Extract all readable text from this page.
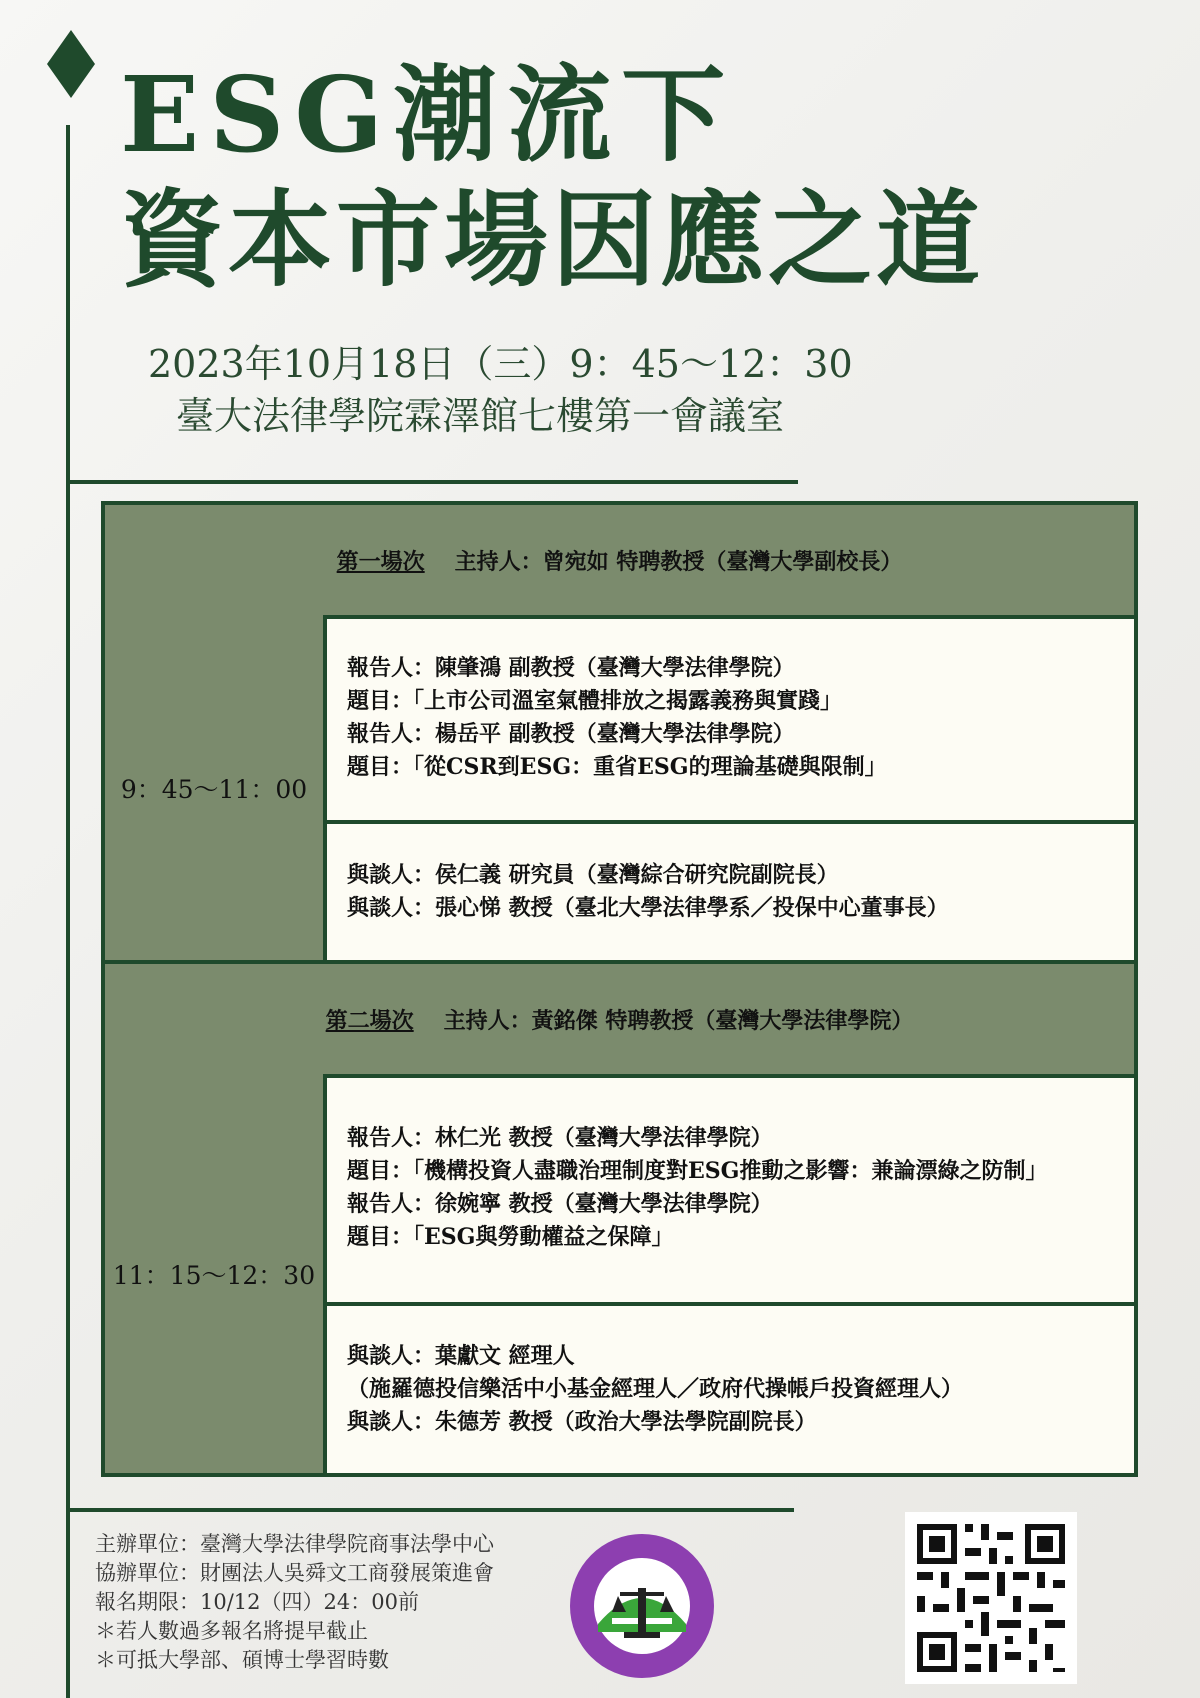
ESG潮流下
資本市場因應之道
2023年10月18日（三）9：45～12：30
臺大法律學院霖澤館七樓第一會議室
第一場次 主持人：曾宛如 特聘教授（臺灣大學副校長）
9：45～11：00
報告人：陳肇鴻 副教授（臺灣大學法律學院）
題目：「上市公司溫室氣體排放之揭露義務與實踐」
報告人：楊岳平 副教授（臺灣大學法律學院）
題目：「從CSR到ESG：重省ESG的理論基礎與限制」
與談人：侯仁義 研究員（臺灣綜合研究院副院長）
與談人：張心悌 教授（臺北大學法律學系／投保中心董事長）
第二場次 主持人：黃銘傑 特聘教授（臺灣大學法律學院）
11：15～12：30
報告人：林仁光 教授（臺灣大學法律學院）
題目：「機構投資人盡職治理制度對ESG推動之影響：兼論漂綠之防制」
報告人：徐婉寧 教授（臺灣大學法律學院）
題目：「ESG與勞動權益之保障」
與談人：葉獻文 經理人
（施羅德投信樂活中小基金經理人／政府代操帳戶投資經理人）
與談人：朱德芳 教授（政治大學法學院副院長）
主辦單位：臺灣大學法律學院商事法學中心
協辦單位：財團法人吳舜文工商發展策進會
報名期限：10/12（四）24：00前
＊若人數過多報名將提早截止
＊可抵大學部、碩博士學習時數
